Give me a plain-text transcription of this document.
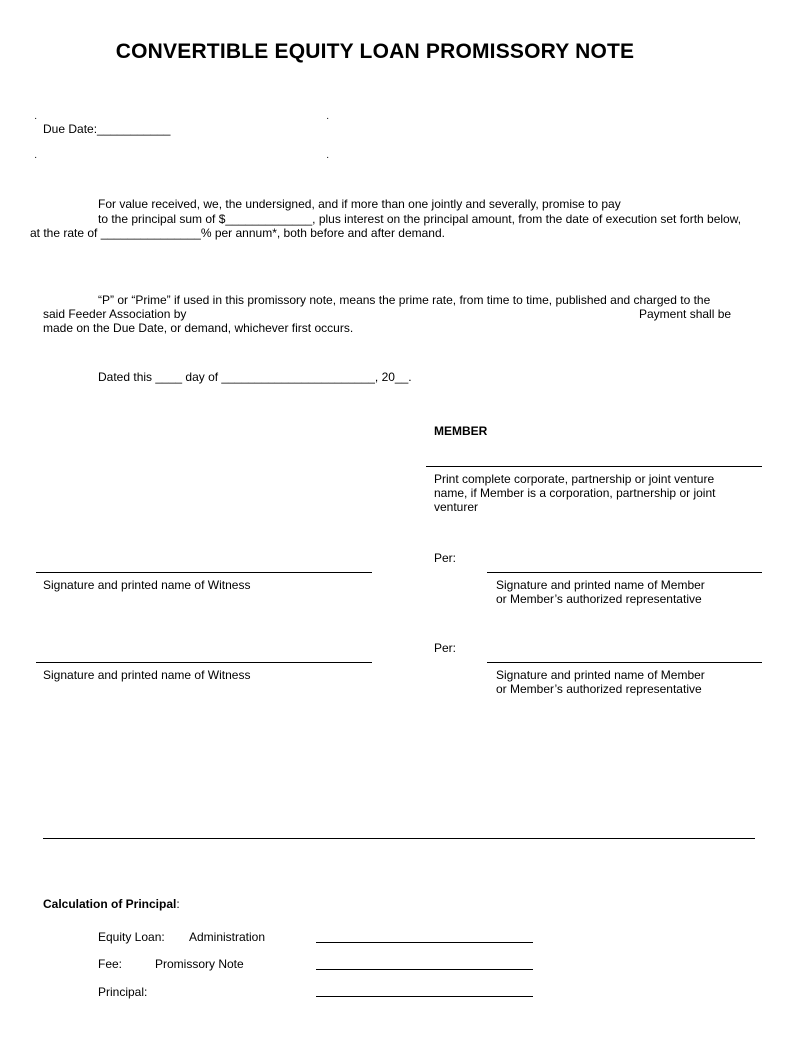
CONVERTIBLE EQUITY LOAN PROMISSORY NOTE
·	·
·	·
Due Date:___________
For value received, we, the undersigned, and if more than one jointly and severally, promise to pay
to the principal sum of $_____________, plus interest on the principal amount, from the date of execution set forth below,
at the rate of _______________% per annum*, both before and after demand.
“P” or “Prime” if used in this promissory note, means the prime rate, from time to time, published and charged to the
said Feeder Association by	Payment shall be
made on the Due Date, or demand, whichever first occurs.
Dated this ____ day of _______________________, 20__.
MEMBER
Print complete corporate, partnership or joint venture
name, if Member is a corporation, partnership or joint
venturer
Per:
Signature and printed name of Witness	Signature and printed name of Member
or Member’s authorized representative
Per:
Signature and printed name of Witness	Signature and printed name of Member
or Member’s authorized representative
Calculation of Principal:
Equity Loan: Administration
Fee:	Promissory Note
Principal:
